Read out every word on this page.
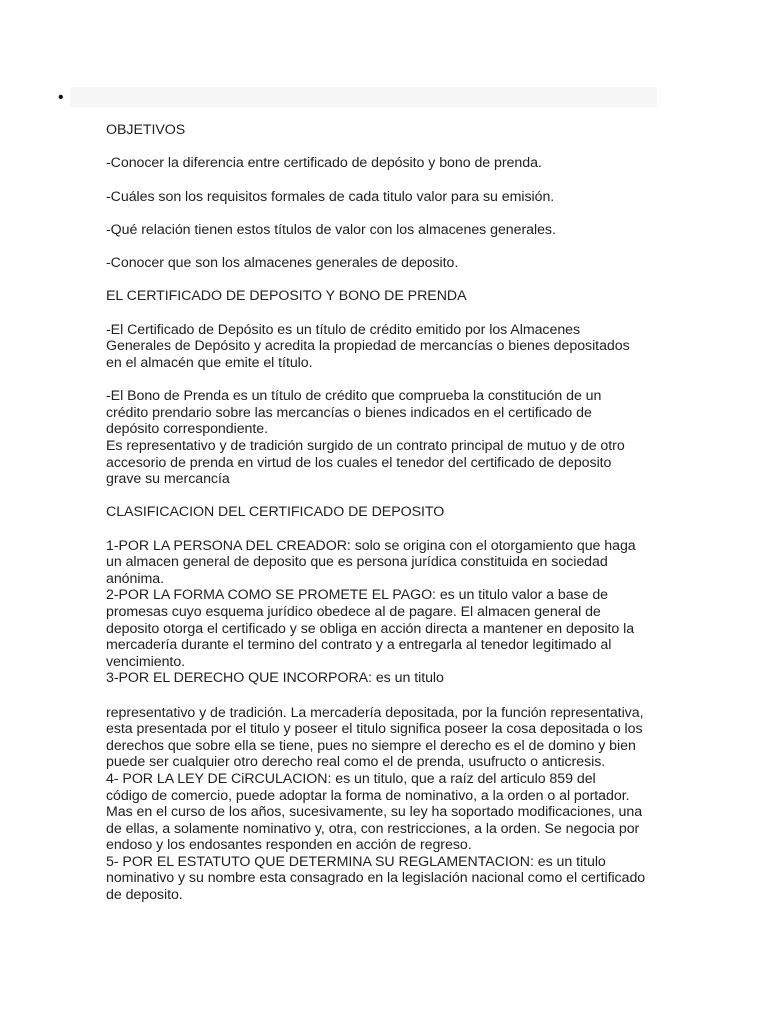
•

OBJETIVOS

-Conocer la diferencia entre certificado de depósito y bono de prenda.

-Cuáles son los requisitos formales de cada titulo valor para su emisión.

-Qué relación tienen estos títulos de valor con los almacenes generales.

-Conocer que son los almacenes generales de deposito.

EL CERTIFICADO DE DEPOSITO Y BONO DE PRENDA

-El Certificado de Depósito es un título de crédito emitido por los Almacenes
Generales de Depósito y acredita la propiedad de mercancías o bienes depositados
en el almacén que emite el título.

-El Bono de Prenda es un título de crédito que comprueba la constitución de un
crédito prendario sobre las mercancías o bienes indicados en el certificado de
depósito correspondiente.

Es representativo y de tradición surgido de un contrato principal de mutuo y de otro
accesorio de prenda en virtud de los cuales el tenedor del certificado de deposito
grave su mercancía

CLASIFICACION DEL CERTIFICADO DE DEPOSITO

1-POR LA PERSONA DEL CREADOR: solo se origina con el otorgamiento que haga
un almacen general de deposito que es persona jurídica constituida en sociedad
anónima.

2-POR LA FORMA COMO SE PROMETE EL PAGO: es un titulo valor a base de
promesas cuyo esquema jurídico obedece al de pagare. El almacen general de
deposito otorga el certificado y se obliga en acción directa a mantener en deposito la
mercadería durante el termino del contrato y a entregarla al tenedor legitimado al
vencimiento.

3-POR EL DERECHO QUE INCORPORA: es un titulo

representativo y de tradición. La mercadería depositada, por la función representativa,
esta presentada por el titulo y poseer el titulo significa poseer la cosa depositada o los
derechos que sobre ella se tiene, pues no siempre el derecho es el de domino y bien
puede ser cualquier otro derecho real como el de prenda, usufructo o anticresis.

4- POR LA LEY DE CiRCULACION: es un titulo, que a raíz del articulo 859 del
código de comercio, puede adoptar la forma de nominativo, a la orden o al portador.
Mas en el curso de los años, sucesivamente, su ley ha soportado modificaciones, una
de ellas, a solamente nominativo y, otra, con restricciones, a la orden. Se negocia por
endoso y los endosantes responden en acción de regreso.

5- POR EL ESTATUTO QUE DETERMINA SU REGLAMENTACION: es un titulo
nominativo y su nombre esta consagrado en la legislación nacional como el certificado
de deposito.
